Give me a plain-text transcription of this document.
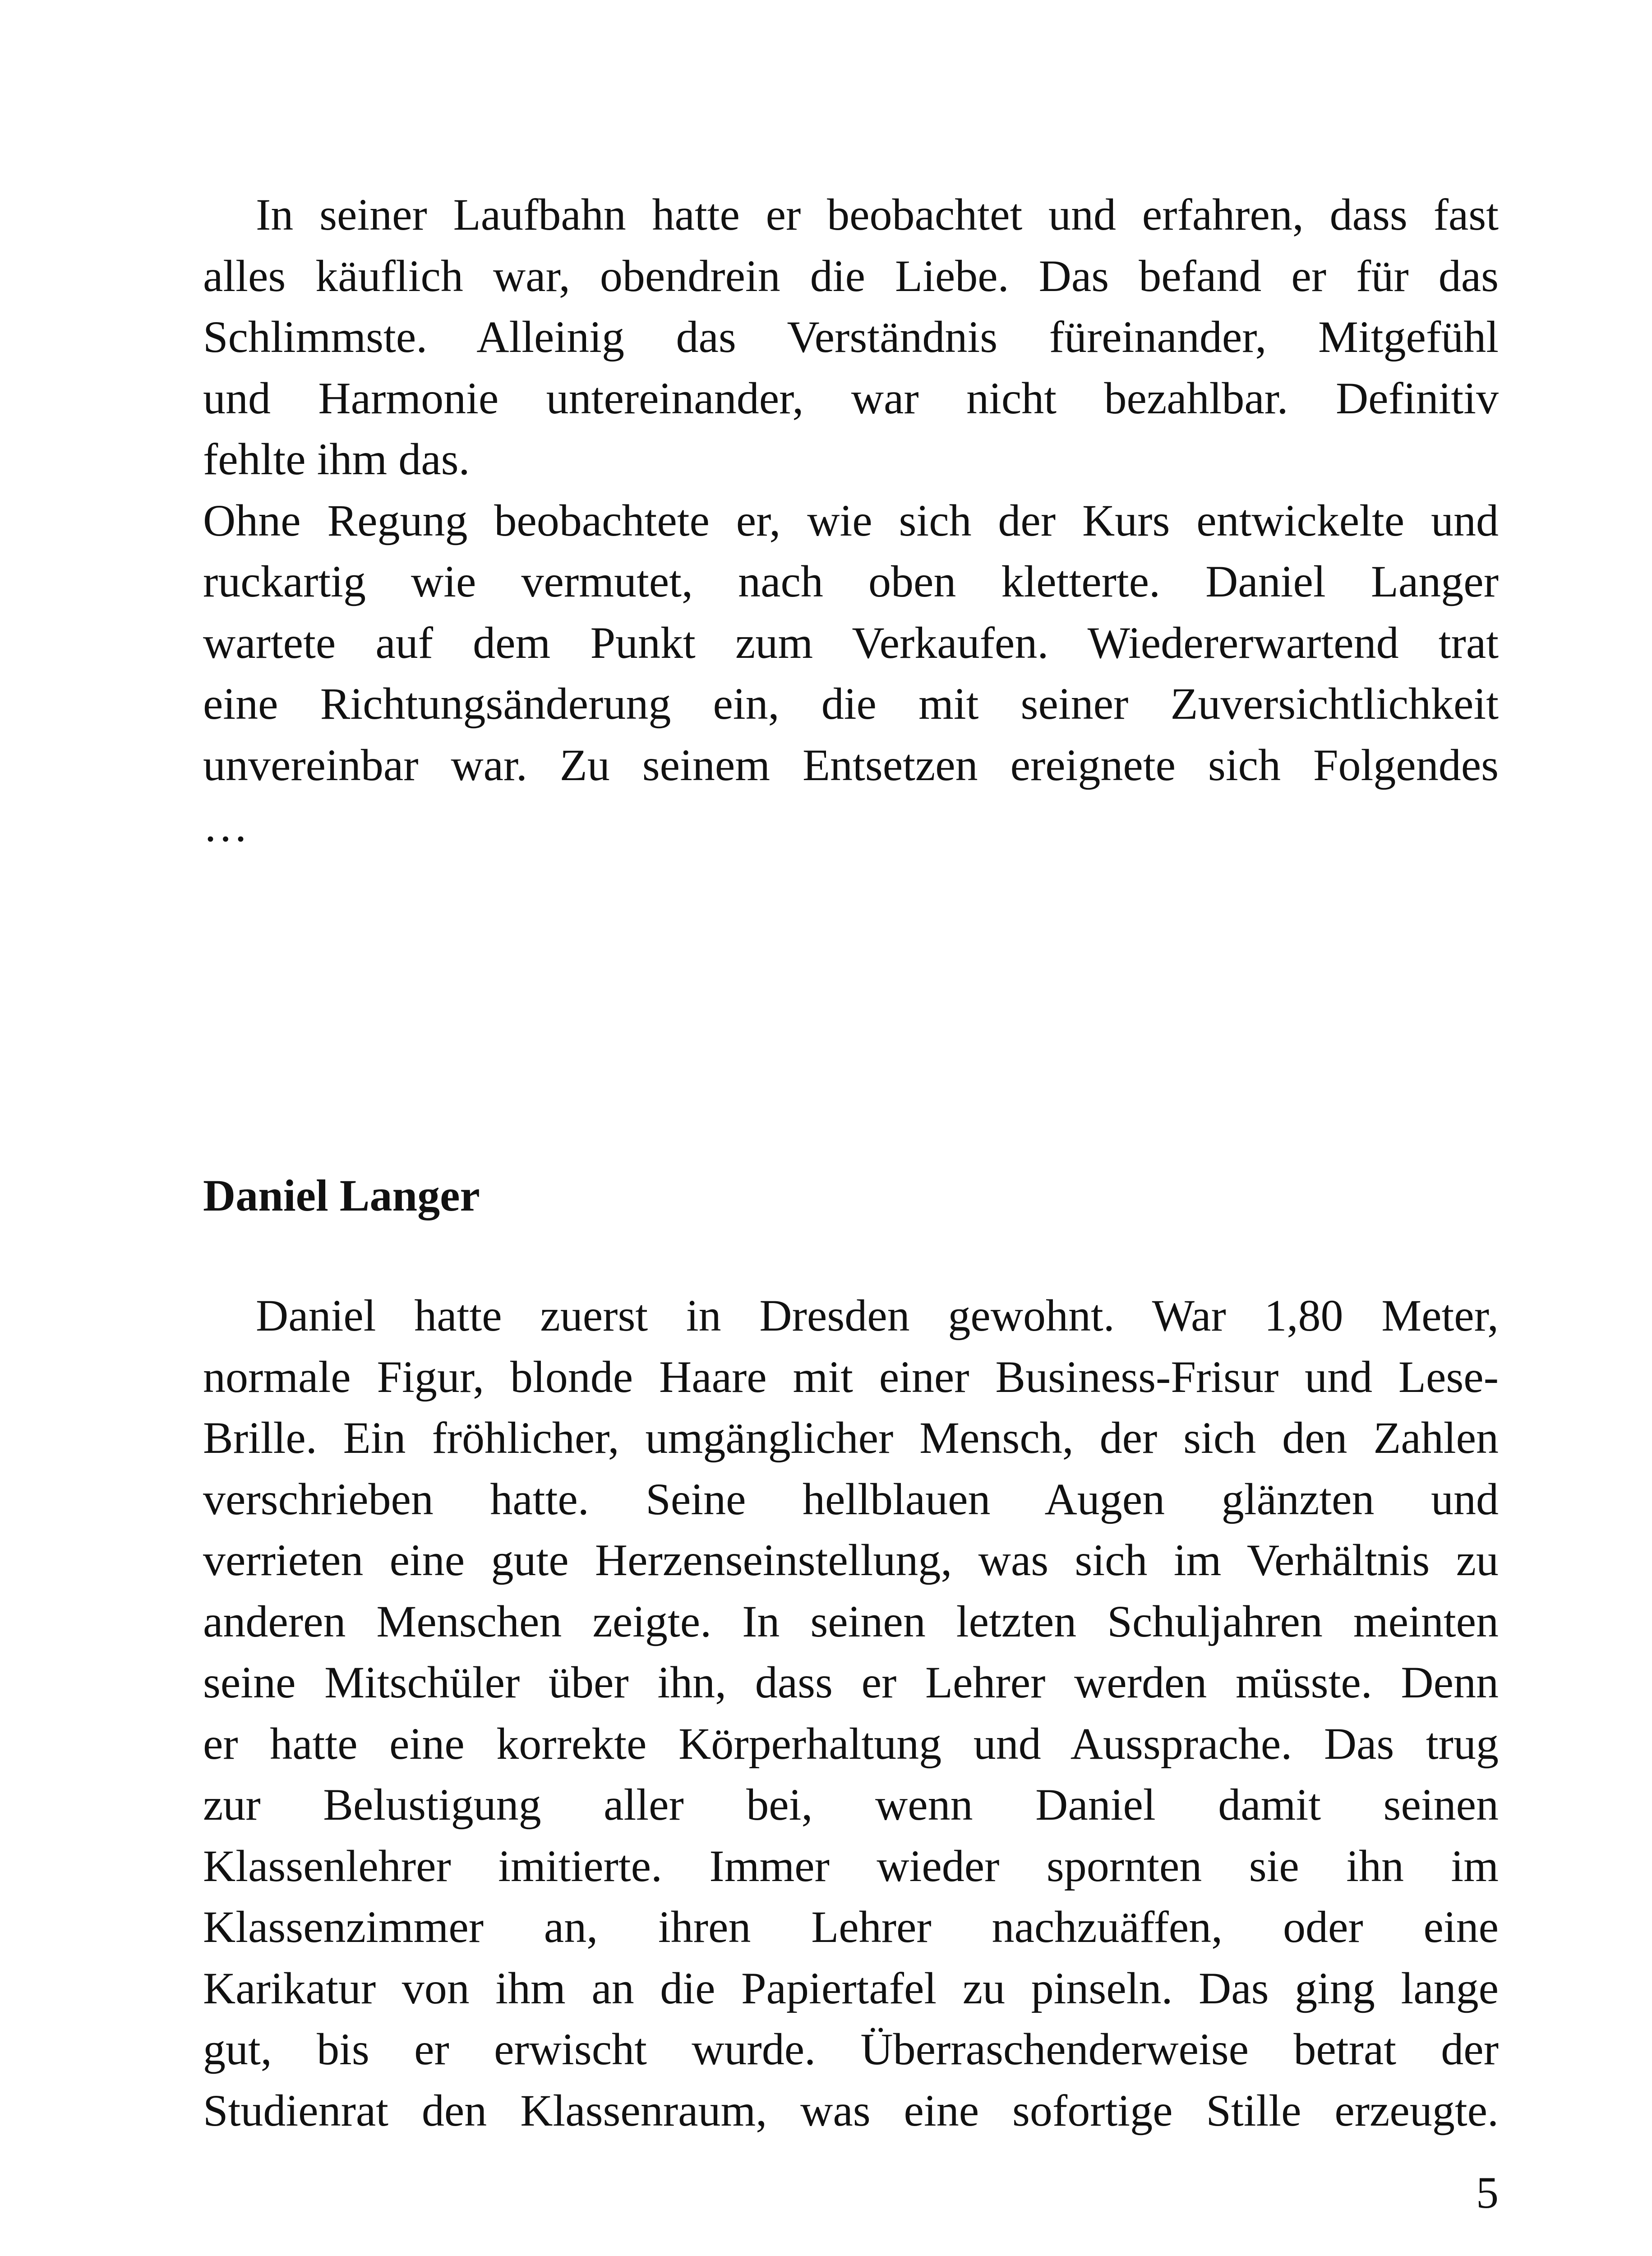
In seiner Laufbahn hatte er beobachtet und erfahren, dass fast
alles käuflich war, obendrein die Liebe. Das befand er für das
Schlimmste. Alleinig das Verständnis füreinander, Mitgefühl
und Harmonie untereinander, war nicht bezahlbar. Definitiv
fehlte ihm das.
Ohne Regung beobachtete er, wie sich der Kurs entwickelte und
ruckartig wie vermutet, nach oben kletterte. Daniel Langer
wartete auf dem Punkt zum Verkaufen. Wiedererwartend trat
eine Richtungsänderung ein, die mit seiner Zuversichtlichkeit
unvereinbar war. Zu seinem Entsetzen ereignete sich Folgendes
…
Daniel Langer
Daniel hatte zuerst in Dresden gewohnt. War 1,80 Meter,
normale Figur, blonde Haare mit einer Business-Frisur und Lese-
Brille. Ein fröhlicher, umgänglicher Mensch, der sich den Zahlen
verschrieben hatte. Seine hellblauen Augen glänzten und
verrieten eine gute Herzenseinstellung, was sich im Verhältnis zu
anderen Menschen zeigte. In seinen letzten Schuljahren meinten
seine Mitschüler über ihn, dass er Lehrer werden müsste. Denn
er hatte eine korrekte Körperhaltung und Aussprache. Das trug
zur Belustigung aller bei, wenn Daniel damit seinen
Klassenlehrer imitierte. Immer wieder spornten sie ihn im
Klassenzimmer an, ihren Lehrer nachzuäffen, oder eine
Karikatur von ihm an die Papiertafel zu pinseln. Das ging lange
gut, bis er erwischt wurde. Überraschenderweise betrat der
Studienrat den Klassenraum, was eine sofortige Stille erzeugte.
5
